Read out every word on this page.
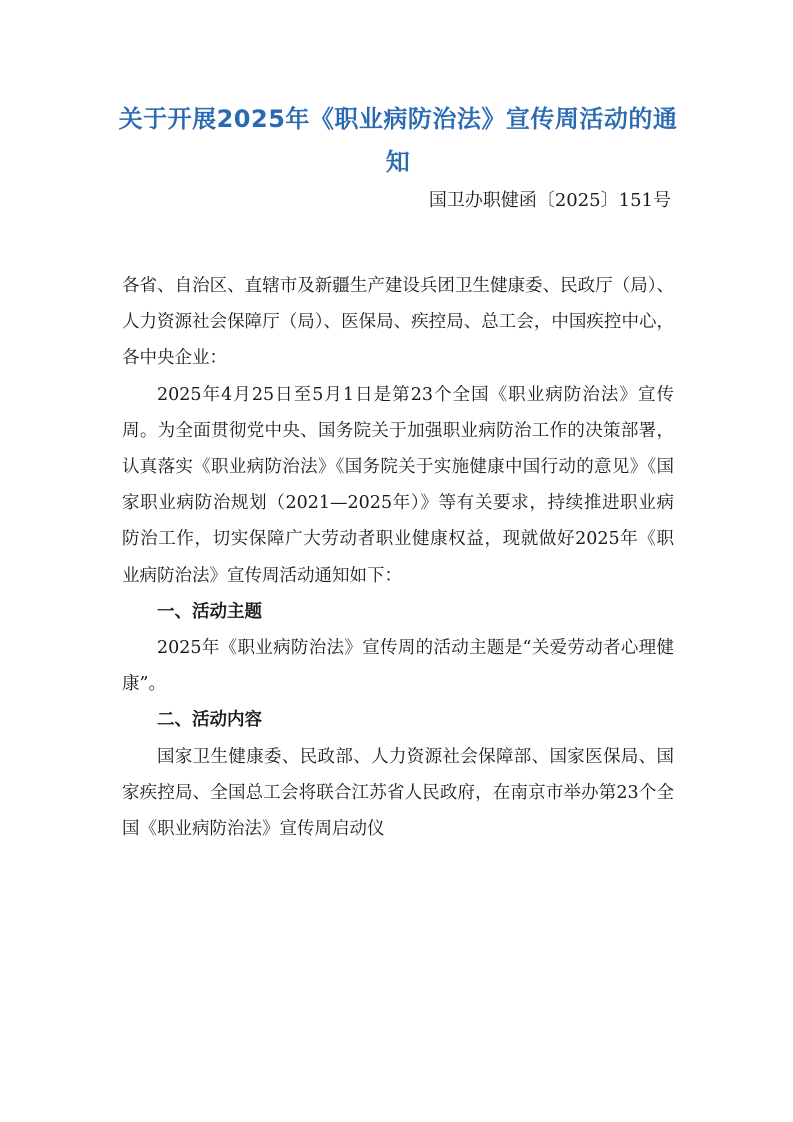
关于开展2025年《职业病防治法》宣传周活动的通知
国卫办职健函〔2025〕151号

各省、自治区、直辖市及新疆生产建设兵团卫生健康委、民政厅（局）、人力资源社会保障厅（局）、医保局、疾控局、总工会，中国疾控中心，各中央企业：

2025年4月25日至5月1日是第23个全国《职业病防治法》宣传周。为全面贯彻党中央、国务院关于加强职业病防治工作的决策部署，认真落实《职业病防治法》《国务院关于实施健康中国行动的意见》《国家职业病防治规划（2021—2025年）》等有关要求，持续推进职业病防治工作，切实保障广大劳动者职业健康权益，现就做好2025年《职业病防治法》宣传周活动通知如下：

一、活动主题

2025年《职业病防治法》宣传周的活动主题是“关爱劳动者心理健康”。

二、活动内容

国家卫生健康委、民政部、人力资源社会保障部、国家医保局、国家疾控局、全国总工会将联合江苏省人民政府，在南京市举办第23个全国《职业病防治法》宣传周启动仪
